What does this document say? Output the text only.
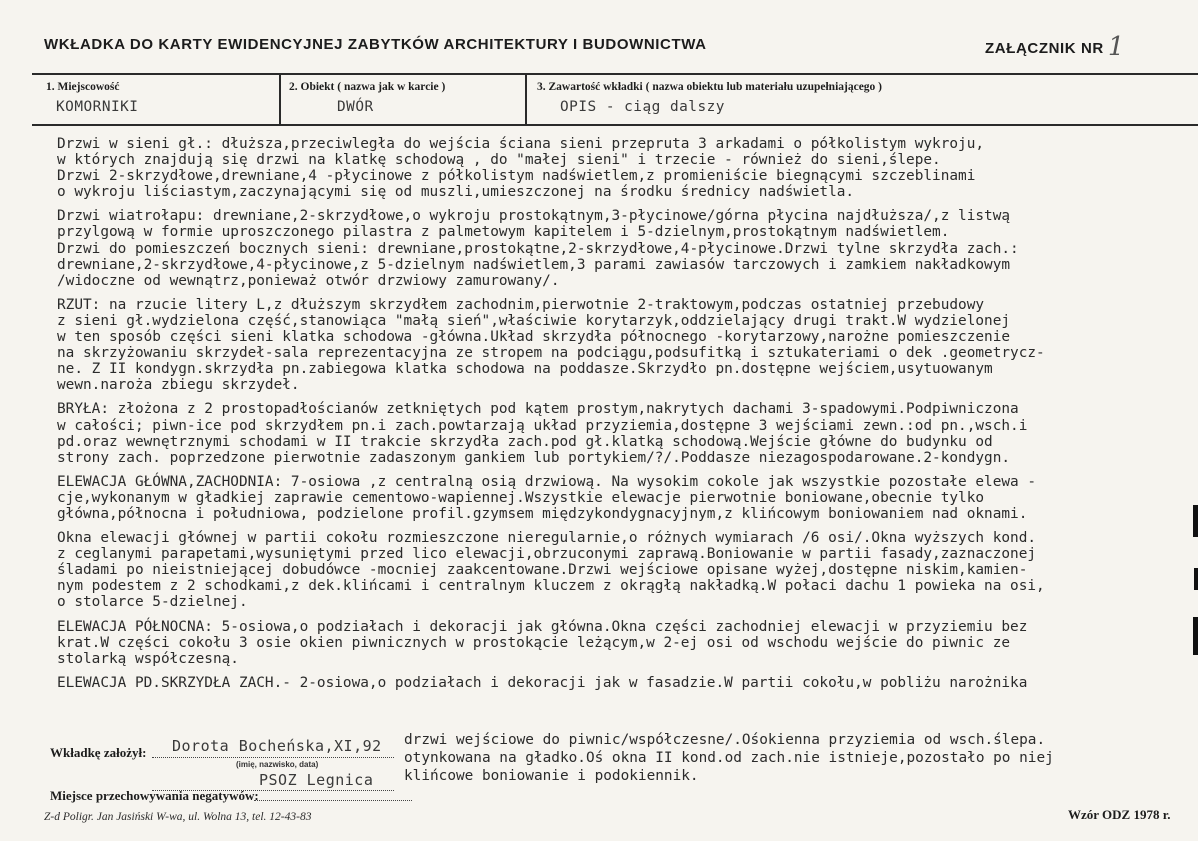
WKŁADKA DO KARTY EWIDENCYJNEJ ZABYTKÓW ARCHITEKTURY I BUDOWNICTWA	ZAŁĄCZNIK NR 1
1. Miejscowość
KOMORNIKI
2. Obiekt ( nazwa jak w karcie )
DWÓR
3. Zawartość wkładki ( nazwa obiektu lub materiału uzupełniającego )
OPIS - ciąg dalszy
Drzwi w sieni gł.: dłuższa,przeciwległa do wejścia ściana sieni przepruta 3 arkadami o półkolistym wykroju,
w których znajdują się drzwi na klatkę schodową , do "małej sieni" i trzecie - również do sieni,ślepe.
Drzwi 2-skrzydłowe,drewniane,4 -płycinowe z półkolistym nadświetlem,z promieniście biegnącymi szczeblinami
o wykroju liściastym,zaczynającymi się od muszli,umieszczonej na środku średnicy nadświetla.
Drzwi wiatrołapu: drewniane,2-skrzydłowe,o wykroju prostokątnym,3-płycinowe/górna płycina najdłuższa/,z listwą
przylgową w formie uproszczonego pilastra z palmetowym kapitelem i 5-dzielnym,prostokątnym nadświetlem.
Drzwi do pomieszczeń bocznych sieni: drewniane,prostokątne,2-skrzydłowe,4-płycinowe.Drzwi tylne skrzydła zach.:
drewniane,2-skrzydłowe,4-płycinowe,z 5-dzielnym nadświetlem,3 parami zawiasów tarczowych i zamkiem nakładkowym
/widoczne od wewnątrz,ponieważ otwór drzwiowy zamurowany/.
RZUT: na rzucie litery L,z dłuższym skrzydłem zachodnim,pierwotnie 2-traktowym,podczas ostatniej przebudowy
z sieni gł.wydzielona część,stanowiąca "małą sień",właściwie korytarzyk,oddzielający drugi trakt.W wydzielonej
w ten sposób części sieni klatka schodowa -główna.Układ skrzydła północnego -korytarzowy,narożne pomieszczenie
na skrzyżowaniu skrzydeł-sala reprezentacyjna ze stropem na podciągu,podsufitką i sztukateriami o dek .geometrycz-
ne. Z II kondygn.skrzydła pn.zabiegowa klatka schodowa na poddasze.Skrzydło pn.dostępne wejściem,usytuowanym
wewn.naroża zbiegu skrzydeł.
BRYŁA: złożona z 2 prostopadłościanów zetkniętych pod kątem prostym,nakrytych dachami 3-spadowymi.Podpiwniczona
w całości; piwn-ice pod skrzydłem pn.i zach.powtarzają układ przyziemia,dostępne 3 wejściami zewn.:od pn.,wsch.i
pd.oraz wewnętrznymi schodami w II trakcie skrzydła zach.pod gł.klatką schodową.Wejście główne do budynku od
strony zach. poprzedzone pierwotnie zadaszonym gankiem lub portykiem/?/.Poddasze niezagospodarowane.2-kondygn.
ELEWACJA GŁÓWNA,ZACHODNIA: 7-osiowa ,z centralną osią drzwiową. Na wysokim cokole jak wszystkie pozostałe elewa -
cje,wykonanym w gładkiej zaprawie cementowo-wapiennej.Wszystkie elewacje pierwotnie boniowane,obecnie tylko
główna,północna i południowa, podzielone profil.gzymsem międzykondygnacyjnym,z klińcowym boniowaniem nad oknami.
Okna elewacji głównej w partii cokołu rozmieszczone nieregularnie,o różnych wymiarach /6 osi/.Okna wyższych kond.
z ceglanymi parapetami,wysuniętymi przed lico elewacji,obrzuconymi zaprawą.Boniowanie w partii fasady,zaznaczonej
śladami po nieistniejącej dobudówce -mocniej zaakcentowane.Drzwi wejściowe opisane wyżej,dostępne niskim,kamien-
nym podestem z 2 schodkami,z dek.klińcami i centralnym kluczem z okrągłą nakładką.W połaci dachu 1 powieka na osi,
o stolarce 5-dzielnej.
ELEWACJA PÓŁNOCNA: 5-osiowa,o podziałach i dekoracji jak główna.Okna części zachodniej elewacji w przyziemiu bez
krat.W części cokołu 3 osie okien piwnicznych w prostokącie leżącym,w 2-ej osi od wschodu wejście do piwnic ze
stolarką współczesną.
ELEWACJA PD.SKRZYDŁA ZACH.- 2-osiowa,o podziałach i dekoracji jak w fasadzie.W partii cokołu,w pobliżu narożnika
Wkładkę założył: Dorota Bocheńska,XI,92
(imię, nazwisko, data)
PSOZ Legnica
Miejsce przechowywania negatywów:
Z-d Poligr. Jan Jasiński W-wa, ul. Wolna 13, tel. 12-43-83	Wzór ODZ 1978 r.
drzwi wejściowe do piwnic/współczesne/.Ośokienna przyziemia od wsch.ślepa.
otynkowana na gładko.Oś okna II kond.od zach.nie istnieje,pozostało po niej
klińcowe boniowanie i podokiennik.
